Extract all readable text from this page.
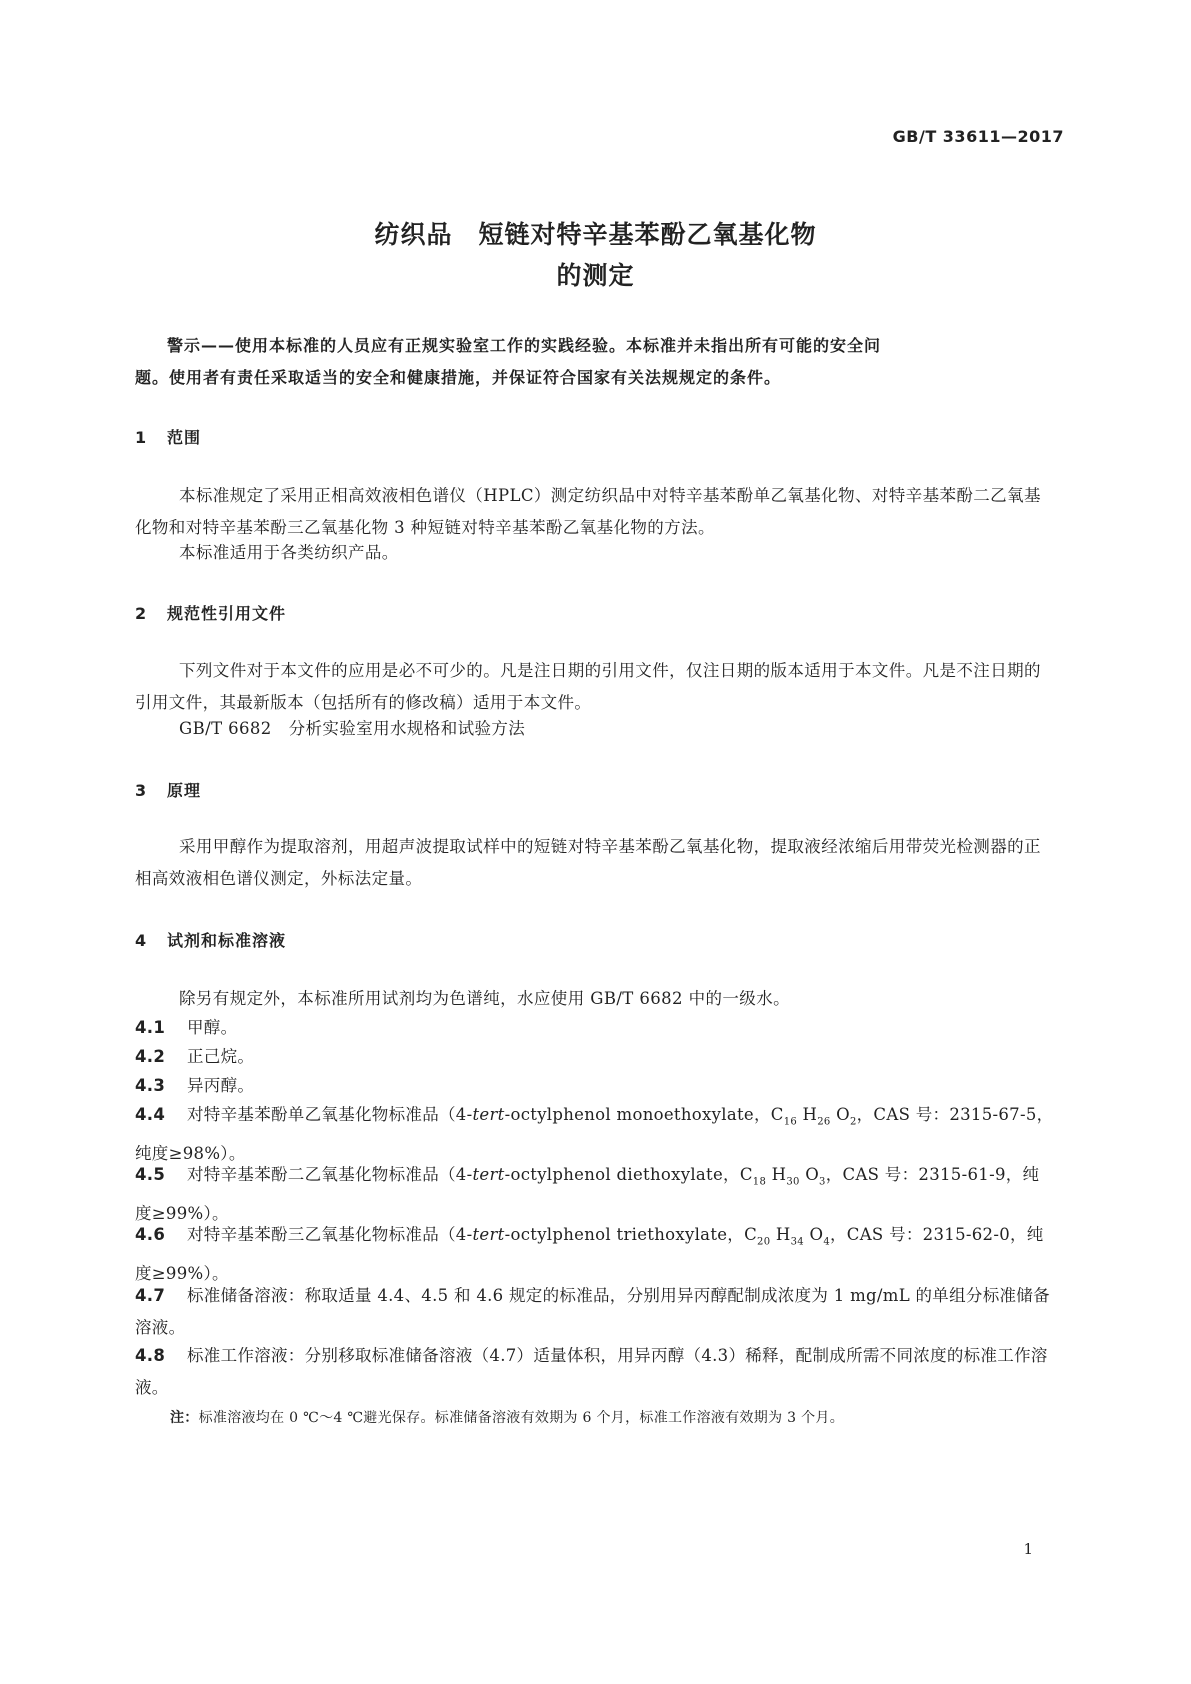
GB/T 33611—2017
纺织品　短链对特辛基苯酚乙氧基化物
的测定
警示——使用本标准的人员应有正规实验室工作的实践经验。本标准并未指出所有可能的安全问
题。使用者有责任采取适当的安全和健康措施，并保证符合国家有关法规规定的条件。
1 范围
本标准规定了采用正相高效液相色谱仪（HPLC）测定纺织品中对特辛基苯酚单乙氧基化物、对特辛基苯酚二乙氧基化物和对特辛基苯酚三乙氧基化物 3 种短链对特辛基苯酚乙氧基化物的方法。
本标准适用于各类纺织产品。
2 规范性引用文件
下列文件对于本文件的应用是必不可少的。凡是注日期的引用文件，仅注日期的版本适用于本文件。凡是不注日期的引用文件，其最新版本（包括所有的修改稿）适用于本文件。
GB/T 6682　分析实验室用水规格和试验方法
3 原理
采用甲醇作为提取溶剂，用超声波提取试样中的短链对特辛基苯酚乙氧基化物，提取液经浓缩后用带荧光检测器的正相高效液相色谱仪测定，外标法定量。
4 试剂和标准溶液
除另有规定外，本标准所用试剂均为色谱纯，水应使用 GB/T 6682 中的一级水。
4.1 甲醇。
4.2 正己烷。
4.3 异丙醇。
4.4 对特辛基苯酚单乙氧基化物标准品（4-tert-octylphenol monoethoxylate，$C_{16}$ $H_{26}$ $O_2$，CAS 号：2315-67-5，纯度≥98%）。
4.5 对特辛基苯酚二乙氧基化物标准品（4-tert-octylphenol diethoxylate，$C_{18}$ $H_{30}$ $O_3$，CAS 号：2315-61-9，纯度≥99%）。
4.6 对特辛基苯酚三乙氧基化物标准品（4-tert-octylphenol triethoxylate，$C_{20}$ $H_{34}$ $O_4$，CAS 号：2315-62-0，纯度≥99%）。
4.7 标准储备溶液：称取适量 4.4、4.5 和 4.6 规定的标准品，分别用异丙醇配制成浓度为 1 mg/mL 的单组分标准储备溶液。
4.8 标准工作溶液：分别移取标准储备溶液（4.7）适量体积，用异丙醇（4.3）稀释，配制成所需不同浓度的标准工作溶液。
注：标准溶液均在 0 ℃～4 ℃避光保存。标准储备溶液有效期为 6 个月，标准工作溶液有效期为 3 个月。
1
